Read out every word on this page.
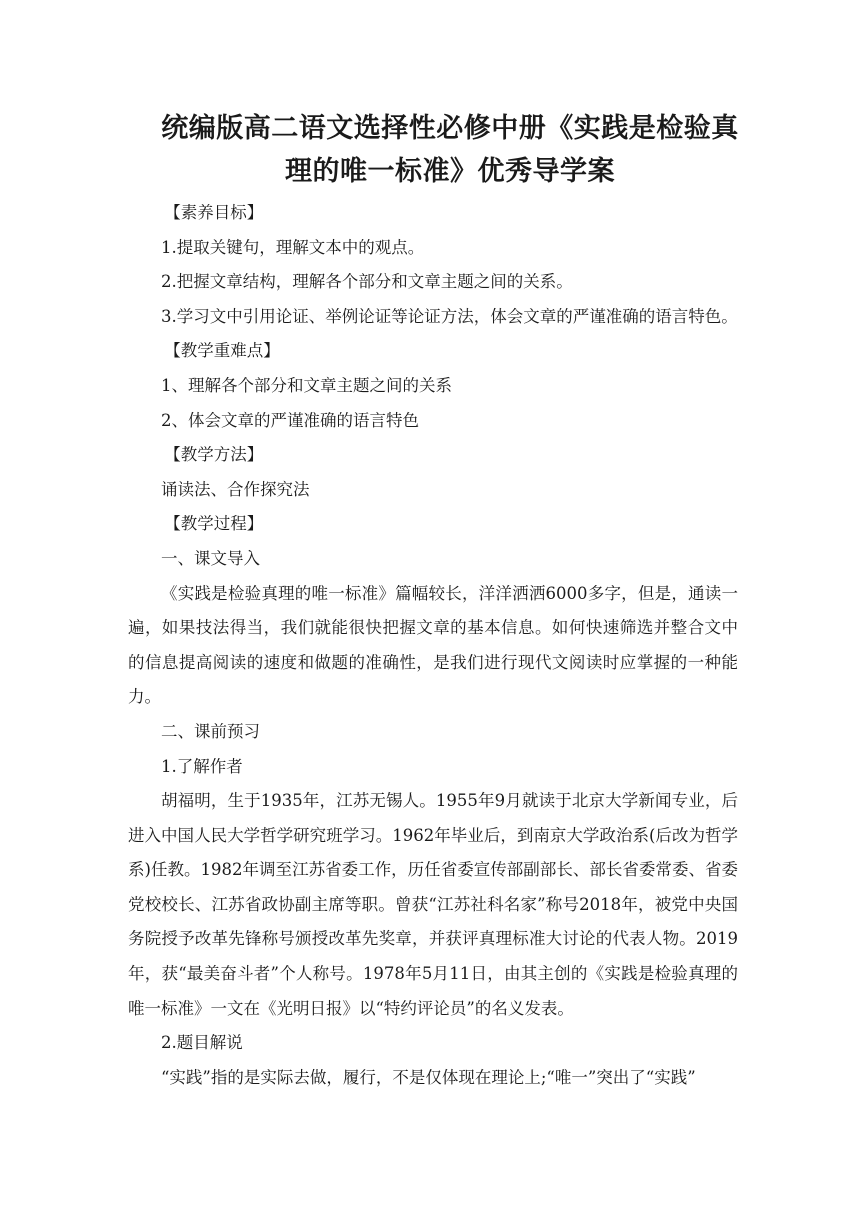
统编版高二语文选择性必修中册《实践是检验真
理的唯一标准》优秀导学案

【素养目标】

1.提取关键句，理解文本中的观点。

2.把握文章结构，理解各个部分和文章主题之间的关系。

3.学习文中引用论证、举例论证等论证方法，体会文章的严谨准确的语言特色。

【教学重难点】

1、理解各个部分和文章主题之间的关系

2、体会文章的严谨准确的语言特色

【教学方法】

诵读法、合作探究法

【教学过程】

一、课文导入

《实践是检验真理的唯一标准》篇幅较长，洋洋洒洒6000多字，但是，通读一遍，如果技法得当，我们就能很快把握文章的基本信息。如何快速筛选并整合文中的信息提高阅读的速度和做题的准确性，是我们进行现代文阅读时应掌握的一种能力。

二、课前预习

1.了解作者

胡福明，生于1935年，江苏无锡人。1955年9月就读于北京大学新闻专业，后进入中国人民大学哲学研究班学习。1962年毕业后，到南京大学政治系(后改为哲学系)任教。1982年调至江苏省委工作，历任省委宣传部副部长、部长省委常委、省委党校校长、江苏省政协副主席等职。曾获“江苏社科名家”称号2018年，被党中央国务院授予改革先锋称号颁授改革先奖章，并获评真理标准大讨论的代表人物。2019年，获“最美奋斗者”个人称号。1978年5月11日，由其主创的《实践是检验真理的唯一标准》一文在《光明日报》以“特约评论员”的名义发表。

2.题目解说

“实践”指的是实际去做，履行，不是仅体现在理论上;“唯一”突出了“实践”
